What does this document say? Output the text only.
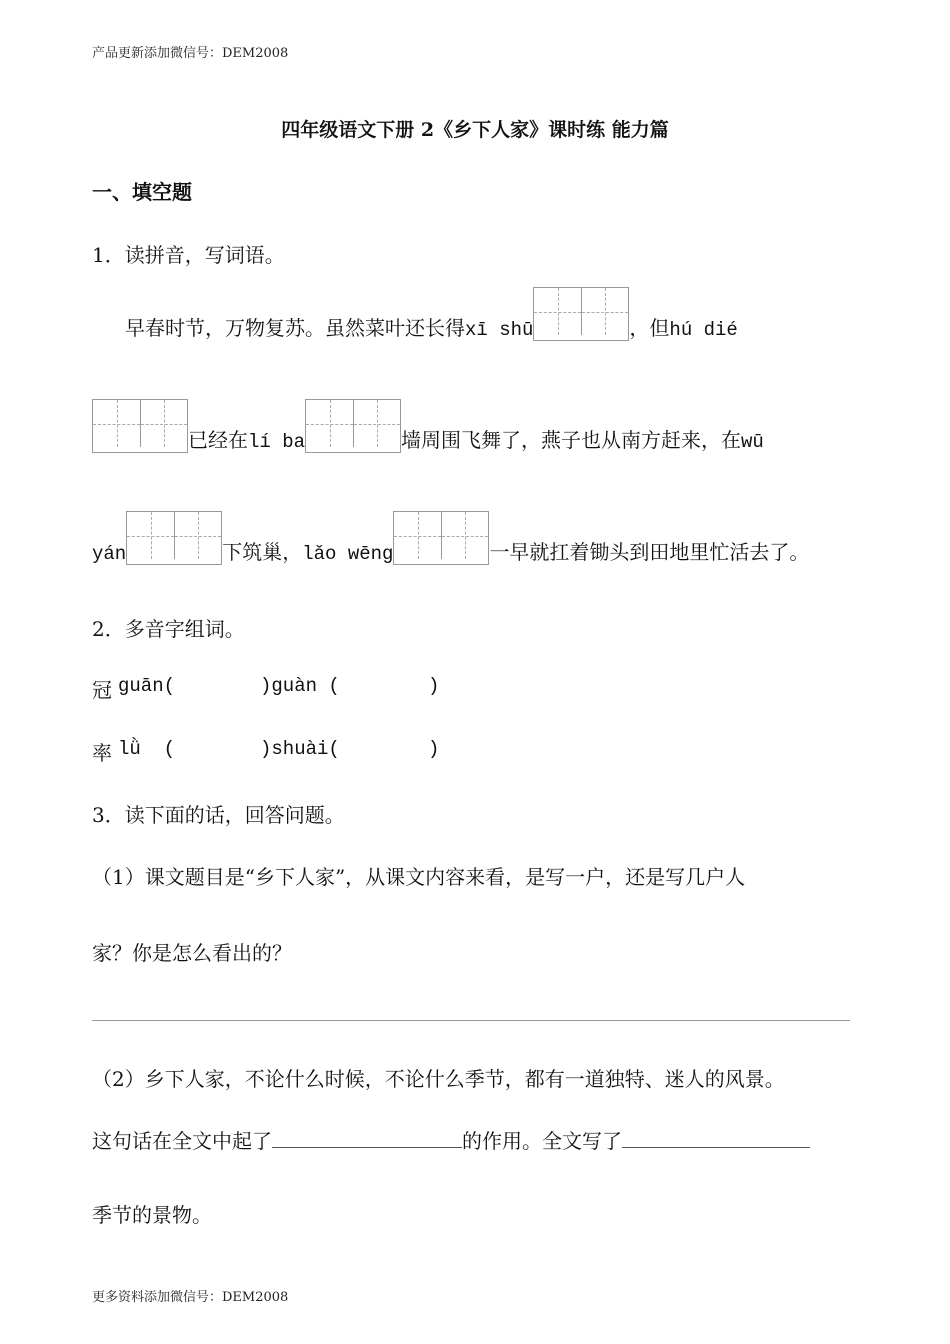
产品更新添加微信号：DEM2008
四年级语文下册 2《乡下人家》课时练 能力篇
一、填空题
1．读拼音，写词语。
早春时节，万物复苏。虽然菜叶还长得xī shū	，但hú dié
已经在lí ba	墙周围飞舞了，燕子也从南方赶来，在wū
yán	下筑巢，lǎo wēng	一早就扛着锄头到田地里忙活去了。
2．多音字组词。
冠 guān(	)guàn (	)
率 lǜ  (	)shuài(	)
3．读下面的话，回答问题。
（1）课文题目是“乡下人家”，从课文内容来看，是写一户，还是写几户人
家？你是怎么看出的？
（2）乡下人家，不论什么时候，不论什么季节，都有一道独特、迷人的风景。
这句话在全文中起了	的作用。全文写了
季节的景物。
更多资料添加微信号：DEM2008
